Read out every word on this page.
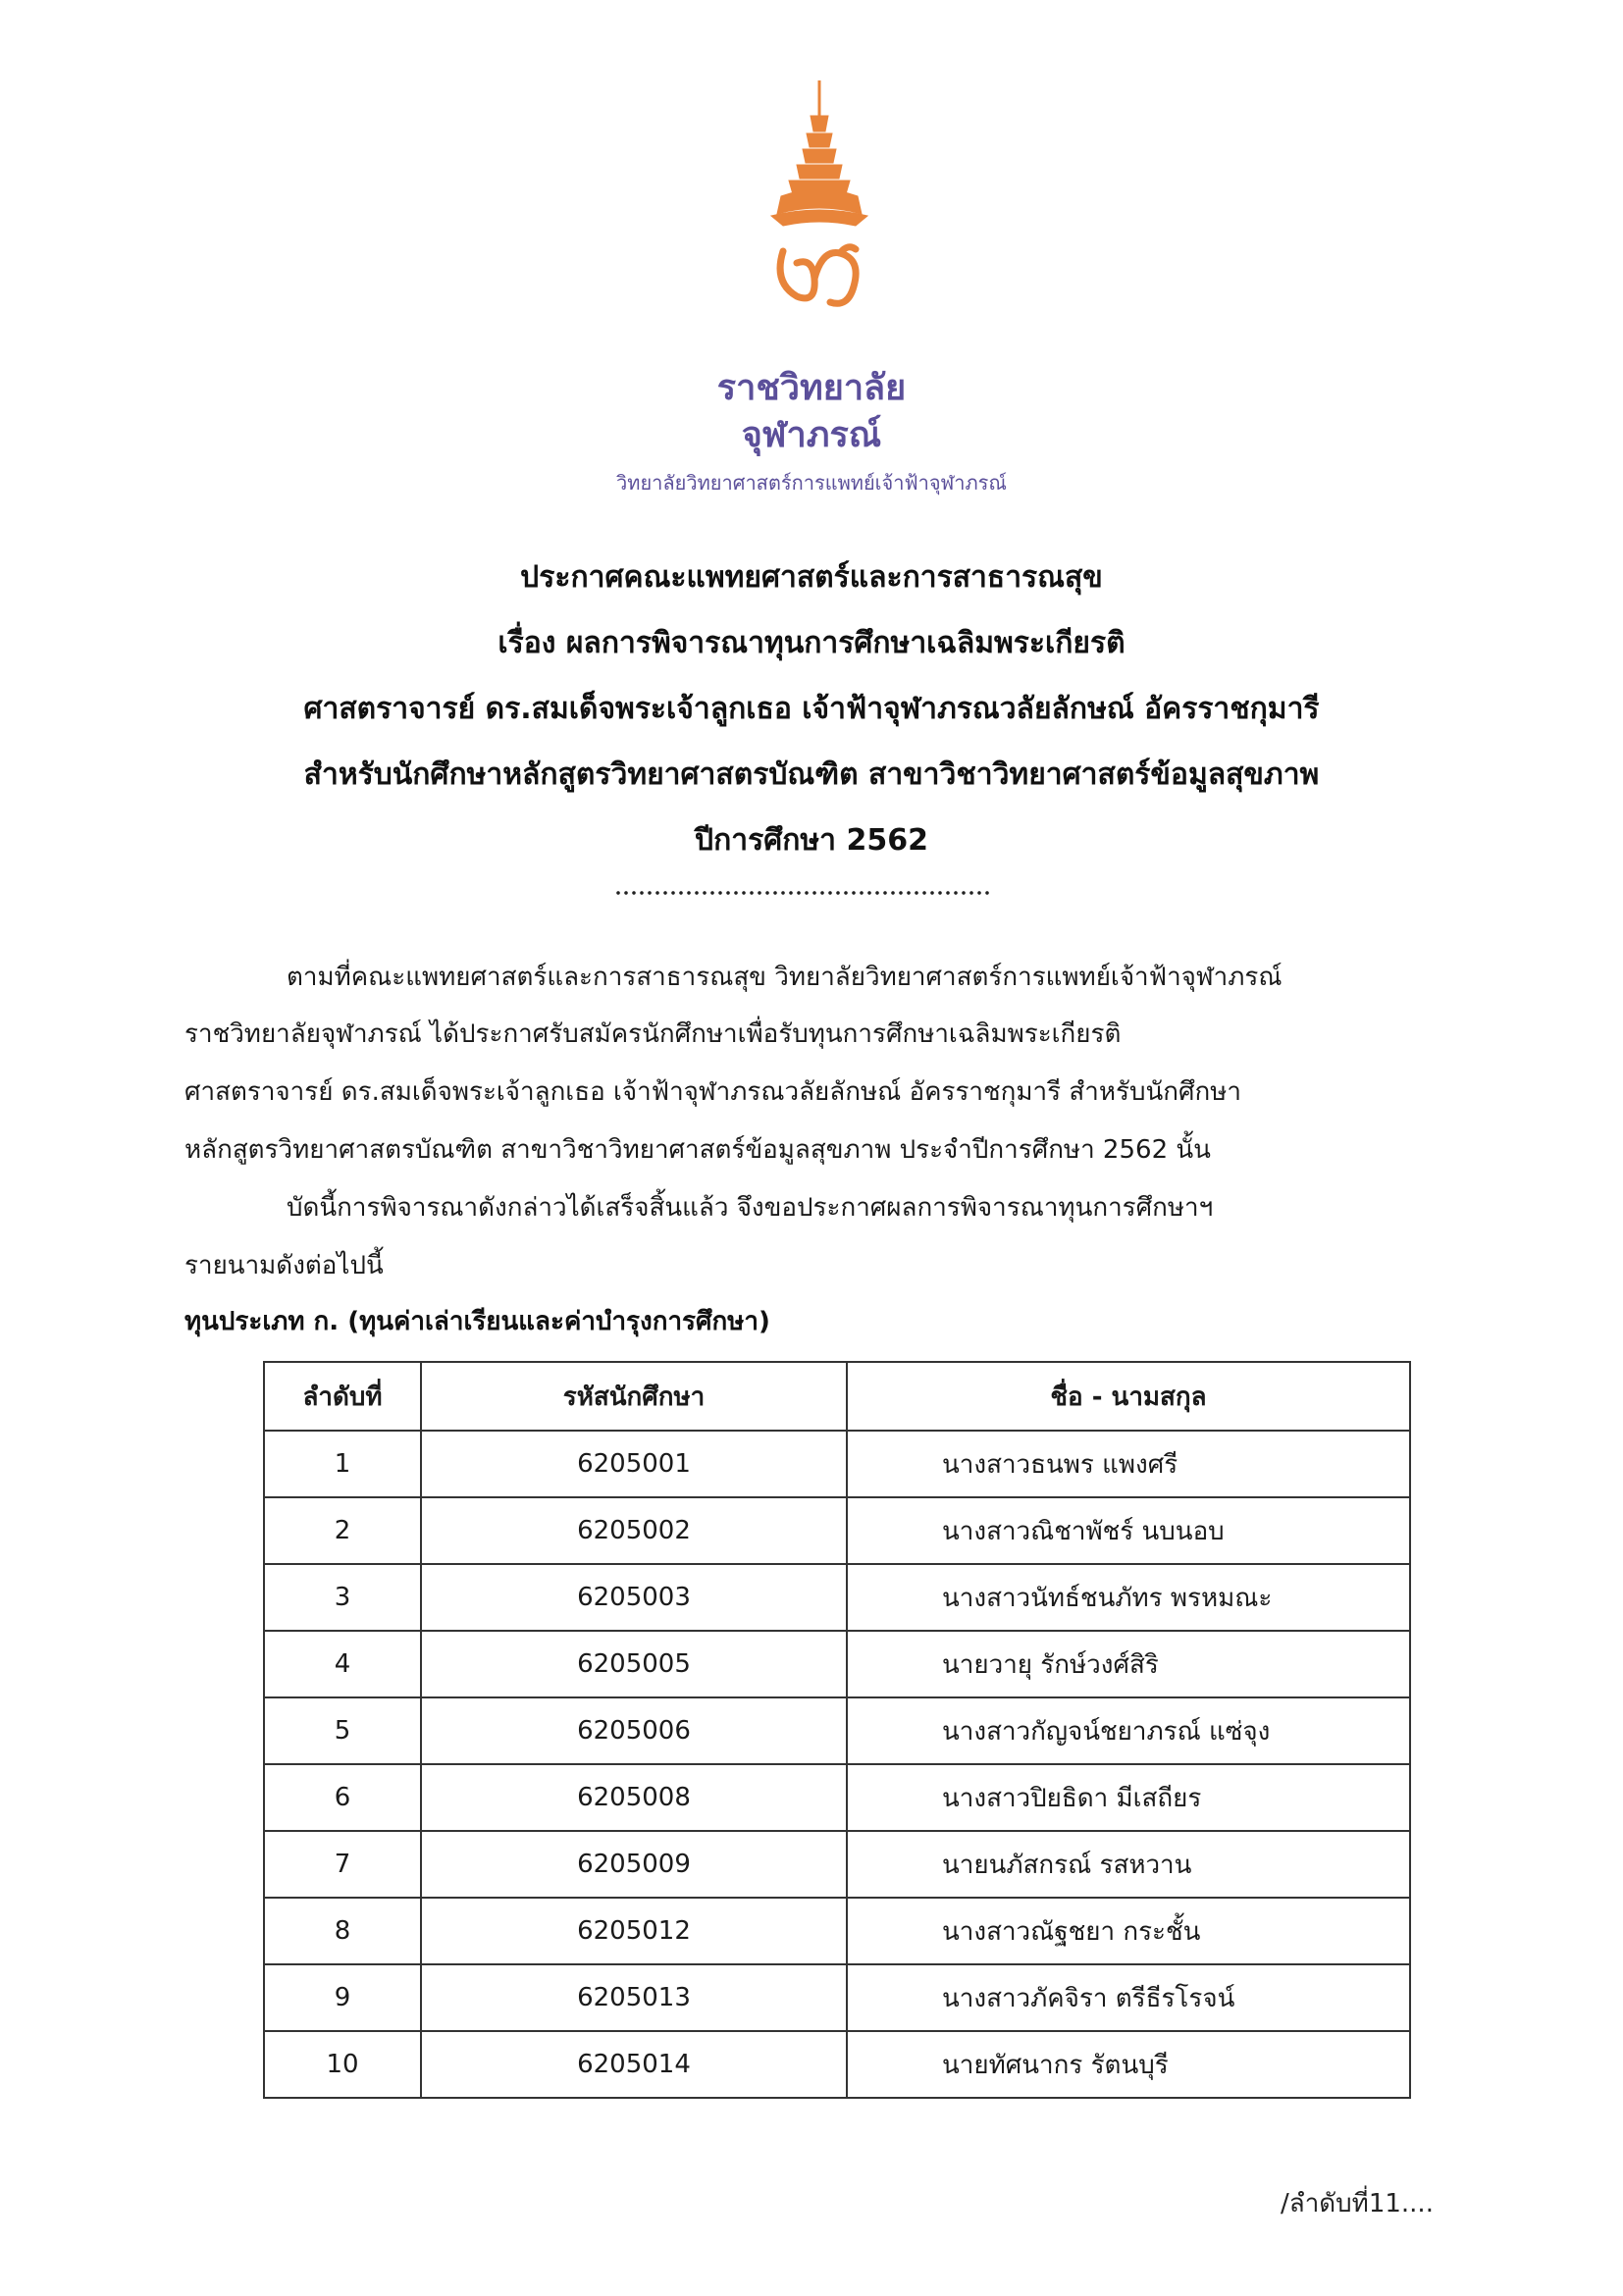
ราชวิทยาลัย
จุฬาภรณ์
วิทยาลัยวิทยาศาสตร์การแพทย์เจ้าฟ้าจุฬาภรณ์
ประกาศคณะแพทยศาสตร์และการสาธารณสุข
เรื่อง ผลการพิจารณาทุนการศึกษาเฉลิมพระเกียรติ
ศาสตราจารย์ ดร.สมเด็จพระเจ้าลูกเธอ เจ้าฟ้าจุฬาภรณวลัยลักษณ์ อัครราชกุมารี
สำหรับนักศึกษาหลักสูตรวิทยาศาสตรบัณฑิต สาขาวิชาวิทยาศาสตร์ข้อมูลสุขภาพ
ปีการศึกษา 2562
ตามที่คณะแพทยศาสตร์และการสาธารณสุข วิทยาลัยวิทยาศาสตร์การแพทย์เจ้าฟ้าจุฬาภรณ์
ราชวิทยาลัยจุฬาภรณ์ ได้ประกาศรับสมัครนักศึกษาเพื่อรับทุนการศึกษาเฉลิมพระเกียรติ
ศาสตราจารย์ ดร.สมเด็จพระเจ้าลูกเธอ เจ้าฟ้าจุฬาภรณวลัยลักษณ์ อัครราชกุมารี สำหรับนักศึกษา
หลักสูตรวิทยาศาสตรบัณฑิต สาขาวิชาวิทยาศาสตร์ข้อมูลสุขภาพ ประจำปีการศึกษา 2562 นั้น
บัดนี้การพิจารณาดังกล่าวได้เสร็จสิ้นแล้ว จึงขอประกาศผลการพิจารณาทุนการศึกษาฯ
รายนามดังต่อไปนี้
ทุนประเภท ก. (ทุนค่าเล่าเรียนและค่าบำรุงการศึกษา)
ลำดับที่	รหัสนักศึกษา	ชื่อ - นามสกุล
1	6205001	นางสาวธนพร แพงศรี
2	6205002	นางสาวณิชาพัชร์ นบนอบ
3	6205003	นางสาวนัทธ์ชนภัทร พรหมณะ
4	6205005	นายวายุ รักษ์วงศ์สิริ
5	6205006	นางสาวกัญจน์ชยาภรณ์ แซ่จุง
6	6205008	นางสาวปิยธิดา มีเสถียร
7	6205009	นายนภัสกรณ์ รสหวาน
8	6205012	นางสาวณัฐชยา กระชั้น
9	6205013	นางสาวภัคจิรา ตรีธีรโรจน์
10	6205014	นายทัศนากร รัตนบุรี
/ลำดับที่11....
